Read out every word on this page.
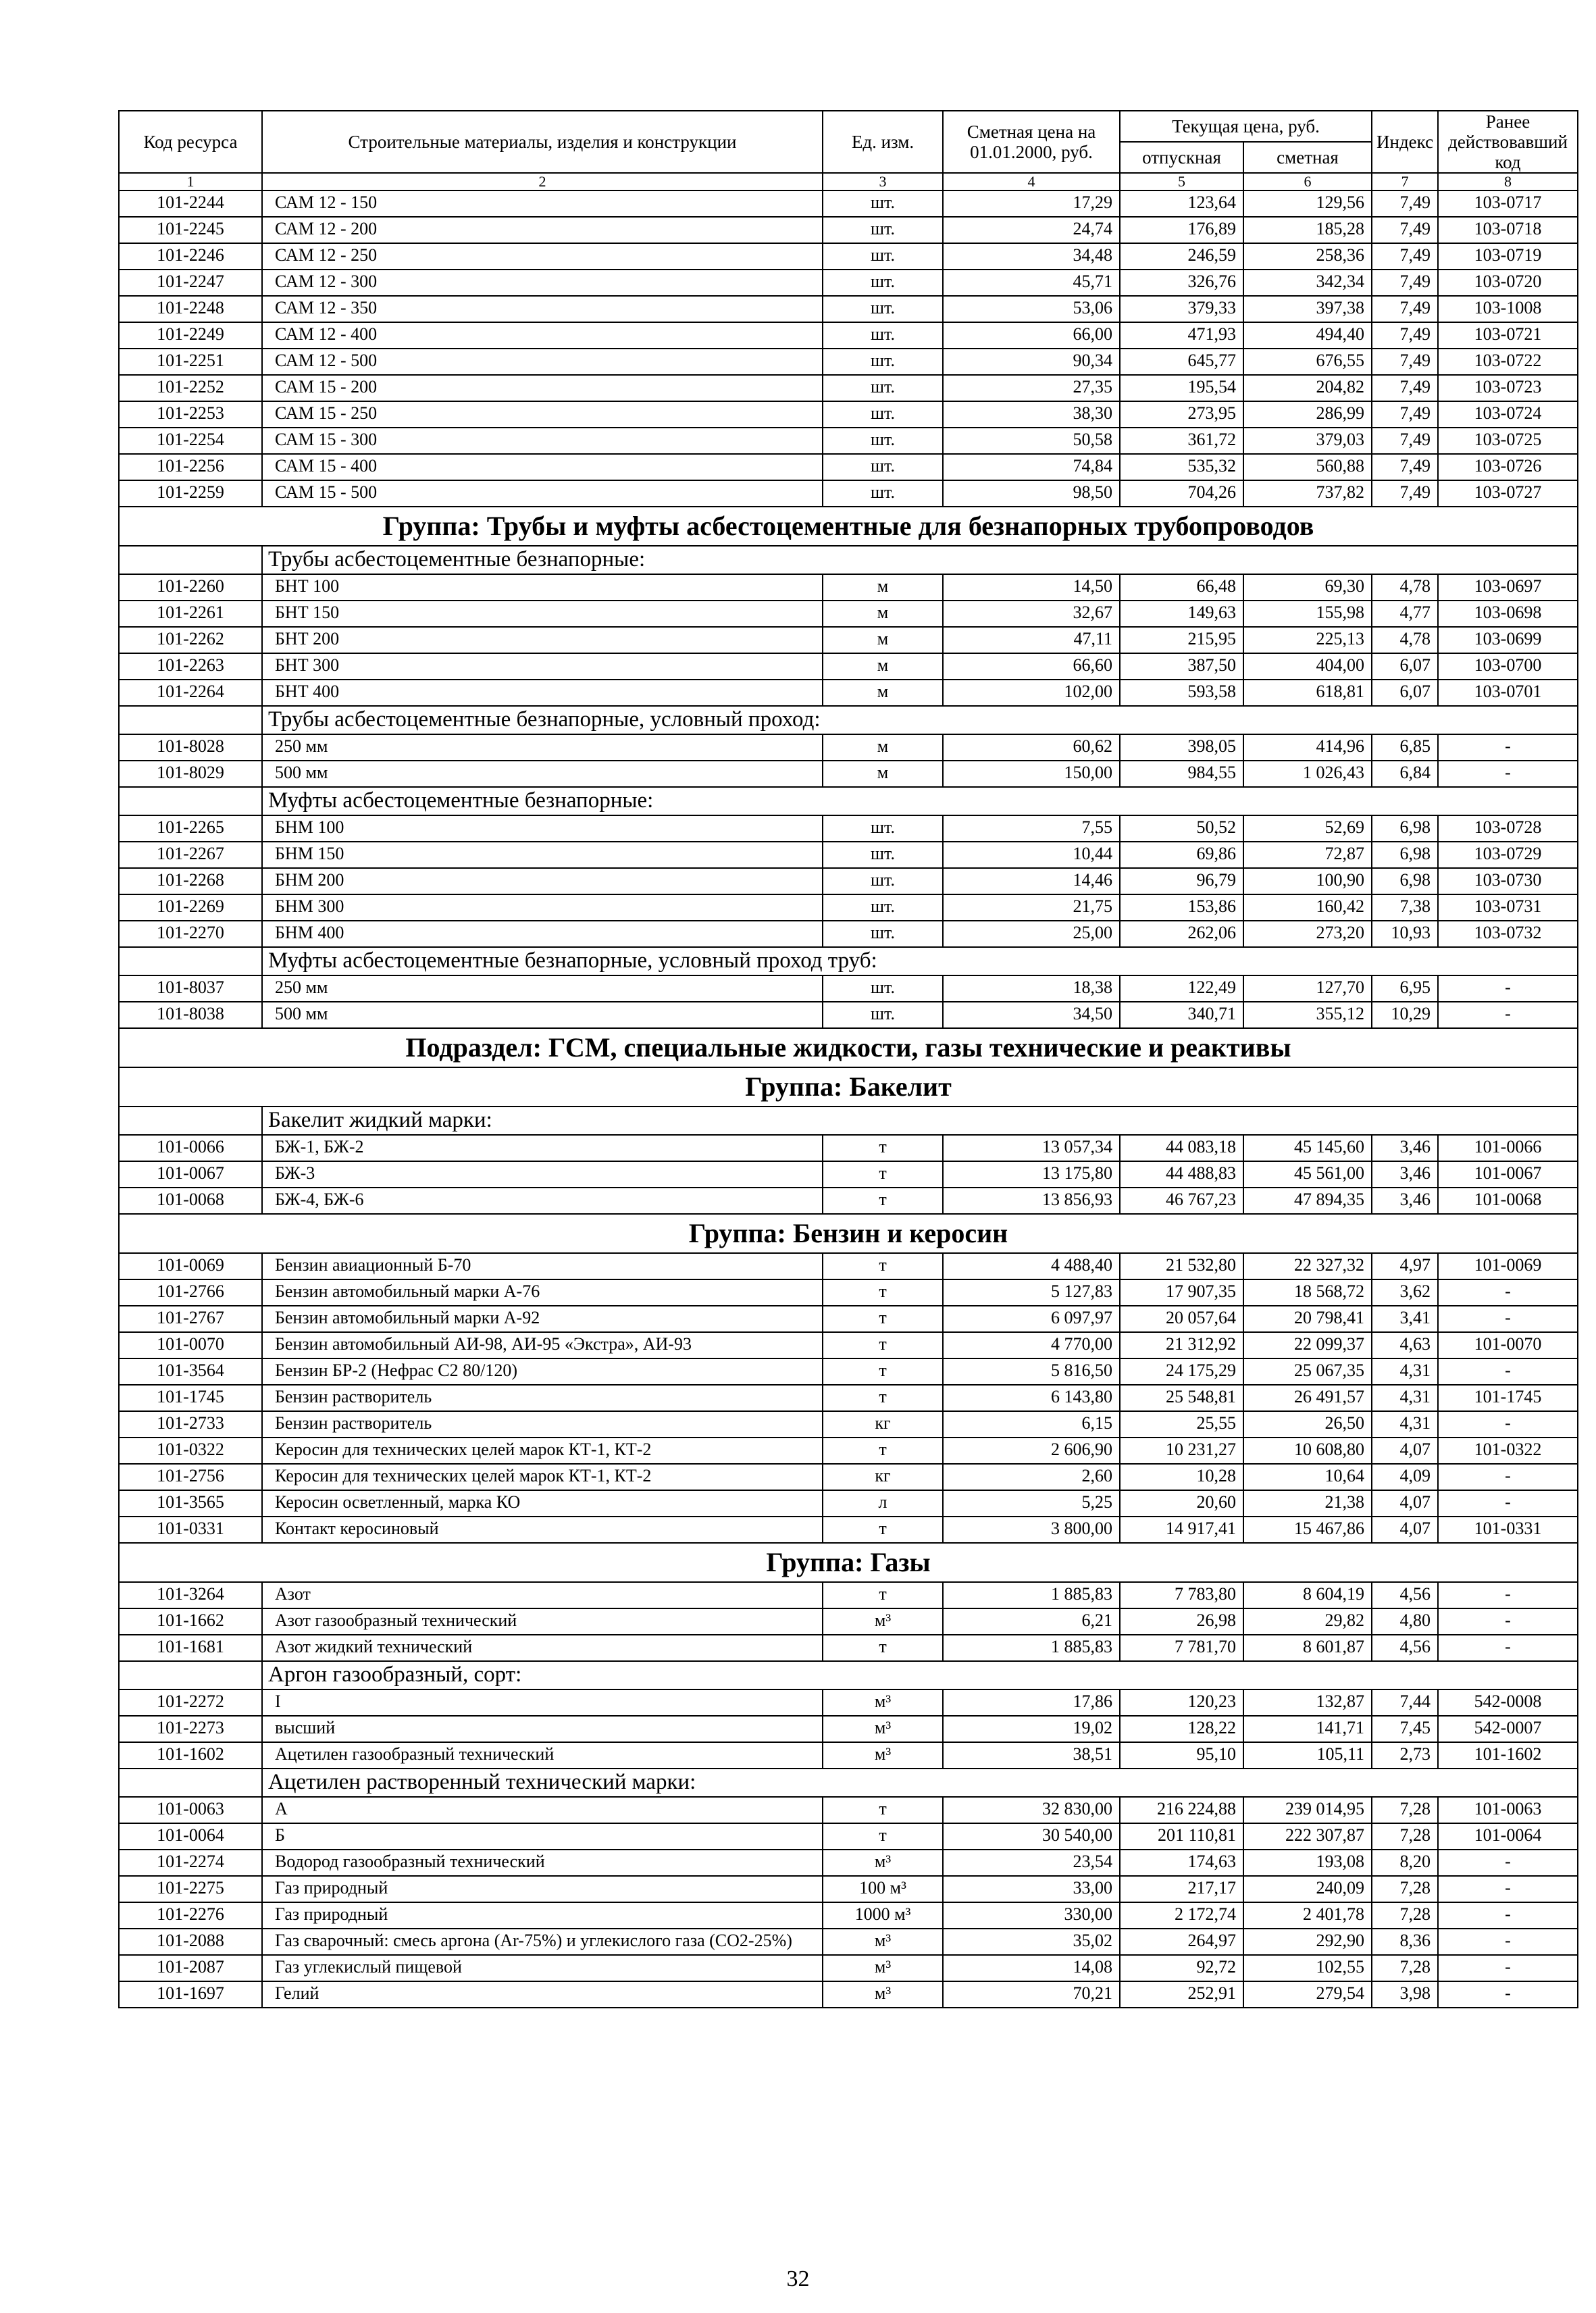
Код ресурса	Строительные материалы, изделия и конструкции	Ед. изм.	Сметная цена на 01.01.2000, руб.	Текущая цена, руб.		Индекс	Ранее действовавший код
				отпускная	сметная		
1	2	3	4	5	6	7	8
101-2244	САМ 12 - 150	шт.	17,29	123,64	129,56	7,49	103-0717
101-2245	САМ 12 - 200	шт.	24,74	176,89	185,28	7,49	103-0718
101-2246	САМ 12 - 250	шт.	34,48	246,59	258,36	7,49	103-0719
101-2247	САМ 12 - 300	шт.	45,71	326,76	342,34	7,49	103-0720
101-2248	САМ 12 - 350	шт.	53,06	379,33	397,38	7,49	103-1008
101-2249	САМ 12 - 400	шт.	66,00	471,93	494,40	7,49	103-0721
101-2251	САМ 12 - 500	шт.	90,34	645,77	676,55	7,49	103-0722
101-2252	САМ 15 - 200	шт.	27,35	195,54	204,82	7,49	103-0723
101-2253	САМ 15 - 250	шт.	38,30	273,95	286,99	7,49	103-0724
101-2254	САМ 15 - 300	шт.	50,58	361,72	379,03	7,49	103-0725
101-2256	САМ 15 - 400	шт.	74,84	535,32	560,88	7,49	103-0726
101-2259	САМ 15 - 500	шт.	98,50	704,26	737,82	7,49	103-0727
Группа: Трубы и муфты асбестоцементные для безнапорных трубопроводов							
	Трубы асбестоцементные безнапорные:						
101-2260	БНТ 100	м	14,50	66,48	69,30	4,78	103-0697
101-2261	БНТ 150	м	32,67	149,63	155,98	4,77	103-0698
101-2262	БНТ 200	м	47,11	215,95	225,13	4,78	103-0699
101-2263	БНТ 300	м	66,60	387,50	404,00	6,07	103-0700
101-2264	БНТ 400	м	102,00	593,58	618,81	6,07	103-0701
	Трубы асбестоцементные безнапорные, условный проход:						
101-8028	250 мм	м	60,62	398,05	414,96	6,85	-
101-8029	500 мм	м	150,00	984,55	1 026,43	6,84	-
	Муфты асбестоцементные безнапорные:						
101-2265	БНМ 100	шт.	7,55	50,52	52,69	6,98	103-0728
101-2267	БНМ 150	шт.	10,44	69,86	72,87	6,98	103-0729
101-2268	БНМ 200	шт.	14,46	96,79	100,90	6,98	103-0730
101-2269	БНМ 300	шт.	21,75	153,86	160,42	7,38	103-0731
101-2270	БНМ 400	шт.	25,00	262,06	273,20	10,93	103-0732
	Муфты асбестоцементные безнапорные, условный проход труб:						
101-8037	250 мм	шт.	18,38	122,49	127,70	6,95	-
101-8038	500 мм	шт.	34,50	340,71	355,12	10,29	-
Подраздел: ГСМ, специальные жидкости, газы технические и реактивы							
Группа: Бакелит							
	Бакелит жидкий марки:						
101-0066	БЖ-1, БЖ-2	т	13 057,34	44 083,18	45 145,60	3,46	101-0066
101-0067	БЖ-3	т	13 175,80	44 488,83	45 561,00	3,46	101-0067
101-0068	БЖ-4, БЖ-6	т	13 856,93	46 767,23	47 894,35	3,46	101-0068
Группа: Бензин и керосин							
101-0069	Бензин авиационный Б-70	т	4 488,40	21 532,80	22 327,32	4,97	101-0069
101-2766	Бензин автомобильный марки А-76	т	5 127,83	17 907,35	18 568,72	3,62	-
101-2767	Бензин автомобильный марки А-92	т	6 097,97	20 057,64	20 798,41	3,41	-
101-0070	Бензин автомобильный АИ-98, АИ-95 «Экстра», АИ-93	т	4 770,00	21 312,92	22 099,37	4,63	101-0070
101-3564	Бензин БР-2 (Нефрас С2 80/120)	т	5 816,50	24 175,29	25 067,35	4,31	-
101-1745	Бензин растворитель	т	6 143,80	25 548,81	26 491,57	4,31	101-1745
101-2733	Бензин растворитель	кг	6,15	25,55	26,50	4,31	-
101-0322	Керосин для технических целей марок КТ-1, КТ-2	т	2 606,90	10 231,27	10 608,80	4,07	101-0322
101-2756	Керосин для технических целей марок КТ-1, КТ-2	кг	2,60	10,28	10,64	4,09	-
101-3565	Керосин осветленный, марка КО	л	5,25	20,60	21,38	4,07	-
101-0331	Контакт керосиновый	т	3 800,00	14 917,41	15 467,86	4,07	101-0331
Группа: Газы							
101-3264	Азот	т	1 885,83	7 783,80	8 604,19	4,56	-
101-1662	Азот газообразный технический	м³	6,21	26,98	29,82	4,80	-
101-1681	Азот жидкий технический	т	1 885,83	7 781,70	8 601,87	4,56	-
	Аргон газообразный, сорт:						
101-2272	I	м³	17,86	120,23	132,87	7,44	542-0008
101-2273	высший	м³	19,02	128,22	141,71	7,45	542-0007
101-1602	Ацетилен газообразный технический	м³	38,51	95,10	105,11	2,73	101-1602
	Ацетилен растворенный технический марки:						
101-0063	А	т	32 830,00	216 224,88	239 014,95	7,28	101-0063
101-0064	Б	т	30 540,00	201 110,81	222 307,87	7,28	101-0064
101-2274	Водород газообразный технический	м³	23,54	174,63	193,08	8,20	-
101-2275	Газ природный	100 м³	33,00	217,17	240,09	7,28	-
101-2276	Газ природный	1000 м³	330,00	2 172,74	2 401,78	7,28	-
101-2088	Газ сварочный: смесь аргона (Ar-75%) и углекислого газа (CO2-25%)	м³	35,02	264,97	292,90	8,36	-
101-2087	Газ углекислый пищевой	м³	14,08	92,72	102,55	7,28	-
101-1697	Гелий	м³	70,21	252,91	279,54	3,98	-
32
